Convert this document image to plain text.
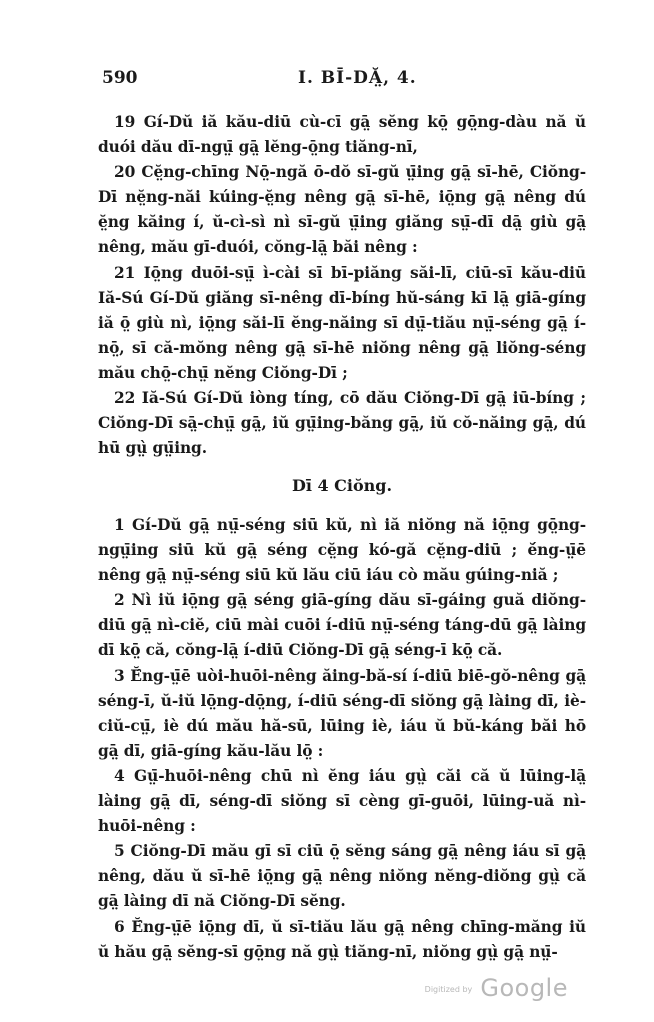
590	I. BĪ-DĂ̤, 4.

19 Gí-Dŭ iă kău-diū cù-cī gā̤ sĕng kō̤ gō̤ng-dàu nă ŭ duói dău dī-ngṳ̄ gā̤ lĕng-ō̤ng tiăng-nī,

20 Cĕ̤ng-chīng Nō̤-ngă ō-dŏ sī-gŭ ṳ̄ing gā̤ sī-hē, Ciŏng-Dī nĕ̤ng-năi kúing-ĕ̤ng nêng gā̤ sī-hē, iō̤ng gā̤ nêng dú ĕ̤ng kăing í, ŭ-cì-sì nì sī-gŭ ṳ̄ing giăng sṳ̄-dī dā̤ giù gā̤ nêng, mău gī-duói, cŏng-lā̤ băi nêng :

21 Iō̤ng duōi-sṳ̄ ì-cài sī bī-piăng săi-lī, ciū-sī kău-diū Iă-Sú Gí-Dŭ giăng sī-nêng dī-bíng hŭ-sáng kī lā̤ giā-gíng iă ō̤ giù nì, iō̤ng săi-lī ĕng-năing sī dṳ̄-tiău nṳ̄-séng gā̤ í-nō̤, sī că-mŏng nêng gā̤ sī-hē niŏng nêng gā̤ liŏng-séng mău chō̤-chṳ̄ nĕng Ciŏng-Dī ;

22 Iă-Sú Gí-Dŭ iòng tíng, cō dău Ciŏng-Dī gā̤ iū-bíng ; Ciŏng-Dī sā̤-chṳ̄ gā̤, iŭ gṳ̄ing-băng gā̤, iŭ cŏ-năing gā̤, dú hū gṳ̀ gṳ̄ing.

Dī 4 Ciŏng.

1 Gí-Dŭ gā̤ nṳ̄-séng siū kŭ, nì iă niŏng nă iō̤ng gō̤ng-ngṳ̄ing siū kŭ gā̤ séng cĕ̤ng kó-gă cĕ̤ng-diū ; ĕ́ng-ṳ̄ē nêng gā̤ nṳ̄-séng siū kŭ lău ciū iáu cò mău gúing-niă ;

2 Nì iŭ iō̤ng gā̤ séng giā-gíng dău sī-gáing guă diŏng-diū gā̤ nì-ciĕ, ciū mài cuōi í-diū nṳ̄-séng táng-dū gā̤ làing dī kō̤ că, cŏng-lā̤ í-diū Ciŏng-Dī gā̤ séng-ī kō̤ că.

3 Ĕ́ng-ṳ̄ē uòi-huōi-nêng ăing-bă-sí í-diū biē-gŏ-nêng gā̤ séng-ī, ŭ-iŭ lō̤ng-dō̤ng, í-diū séng-dī siŏng gā̤ làing dī, iè-ciŭ-cṳ̄, iè dú mău hă-sū, lūing iè, iáu ŭ bŭ-káng băi hō gā̤ dī, giā-gíng kău-lău lō̤ :

4 Gṳ̄-huōi-nêng chū nì ĕng iáu gṳ̀ căi că ŭ lūing-lā̤ làing gā̤ dī, séng-dī siŏng sī cèng gī-guōi, lūing-uă nì-huōi-nêng :

5 Ciŏng-Dī mău gī sī ciū ō̤ sĕng sáng gā̤ nêng iáu sī gā̤ nêng, dău ŭ sī-hē iō̤ng gā̤ nêng niŏng nĕng-diŏng gṳ̀ că gā̤ làing dī nă Ciŏng-Dī sĕng.

6 Ĕ́ng-ṳ̄ē iō̤ng dī, ŭ sī-tiău lău gā̤ nêng chīng-măng iŭ ŭ hău gā̤ sĕng-sī gō̤ng nă gṳ̀ tiăng-nī, niŏng gṳ̀ gā̤ nṳ̄-

$^{Digitized by}$ Google
